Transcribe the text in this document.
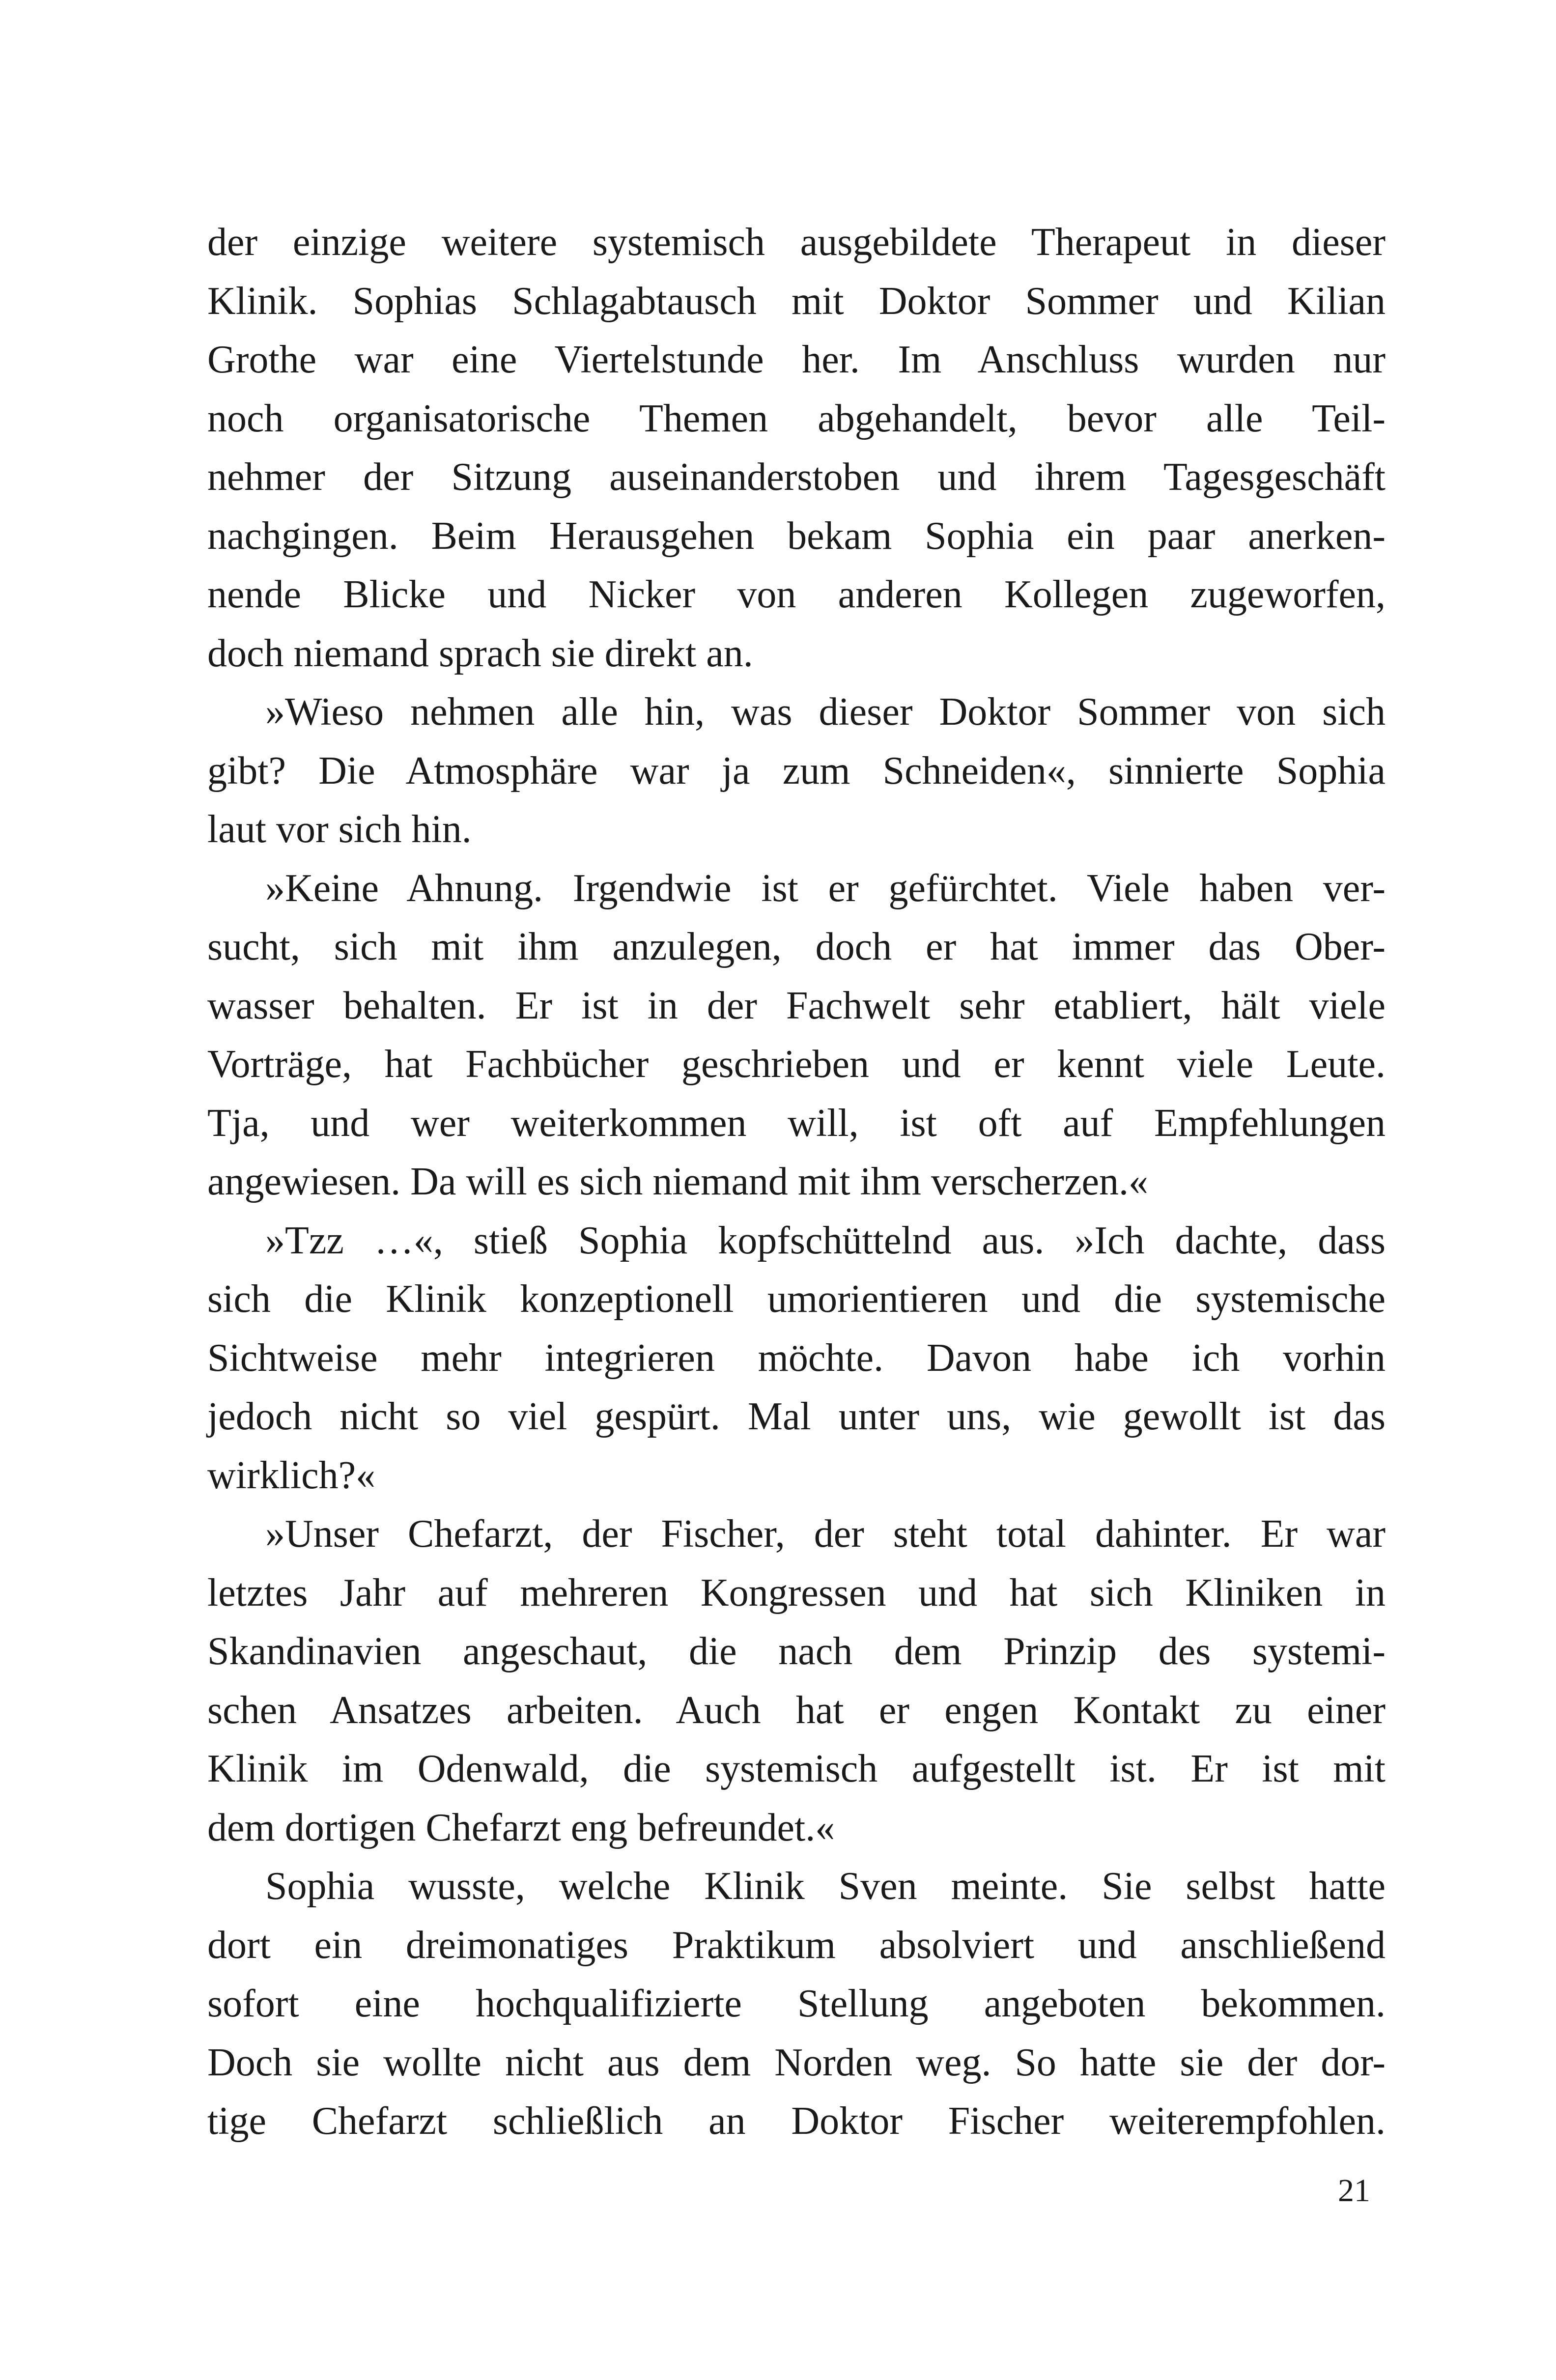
der einzige weitere systemisch ausgebildete Therapeut in dieser
Klinik. Sophias Schlagabtausch mit Doktor Sommer und Kilian
Grothe war eine Viertelstunde her. Im Anschluss wurden nur
noch organisatorische Themen abgehandelt, bevor alle Teil-
nehmer der Sitzung auseinanderstoben und ihrem Tagesgeschäft
nachgingen. Beim Herausgehen bekam Sophia ein paar anerken-
nende Blicke und Nicker von anderen Kollegen zugeworfen,
doch niemand sprach sie direkt an.
»Wieso nehmen alle hin, was dieser Doktor Sommer von sich
gibt? Die Atmosphäre war ja zum Schneiden«, sinnierte Sophia
laut vor sich hin.
»Keine Ahnung. Irgendwie ist er gefürchtet. Viele haben ver-
sucht, sich mit ihm anzulegen, doch er hat immer das Ober-
wasser behalten. Er ist in der Fachwelt sehr etabliert, hält viele
Vorträge, hat Fachbücher geschrieben und er kennt viele Leute.
Tja, und wer weiterkommen will, ist oft auf Empfehlungen
angewiesen. Da will es sich niemand mit ihm verscherzen.«
»Tzz …«, stieß Sophia kopfschüttelnd aus. »Ich dachte, dass
sich die Klinik konzeptionell umorientieren und die systemische
Sichtweise mehr integrieren möchte. Davon habe ich vorhin
jedoch nicht so viel gespürt. Mal unter uns, wie gewollt ist das
wirklich?«
»Unser Chefarzt, der Fischer, der steht total dahinter. Er war
letztes Jahr auf mehreren Kongressen und hat sich Kliniken in
Skandinavien angeschaut, die nach dem Prinzip des systemi-
schen Ansatzes arbeiten. Auch hat er engen Kontakt zu einer
Klinik im Odenwald, die systemisch aufgestellt ist. Er ist mit
dem dortigen Chefarzt eng befreundet.«
Sophia wusste, welche Klinik Sven meinte. Sie selbst hatte
dort ein dreimonatiges Praktikum absolviert und anschließend
sofort eine hochqualifizierte Stellung angeboten bekommen.
Doch sie wollte nicht aus dem Norden weg. So hatte sie der dor-
tige Chefarzt schließlich an Doktor Fischer weiterempfohlen.
21
